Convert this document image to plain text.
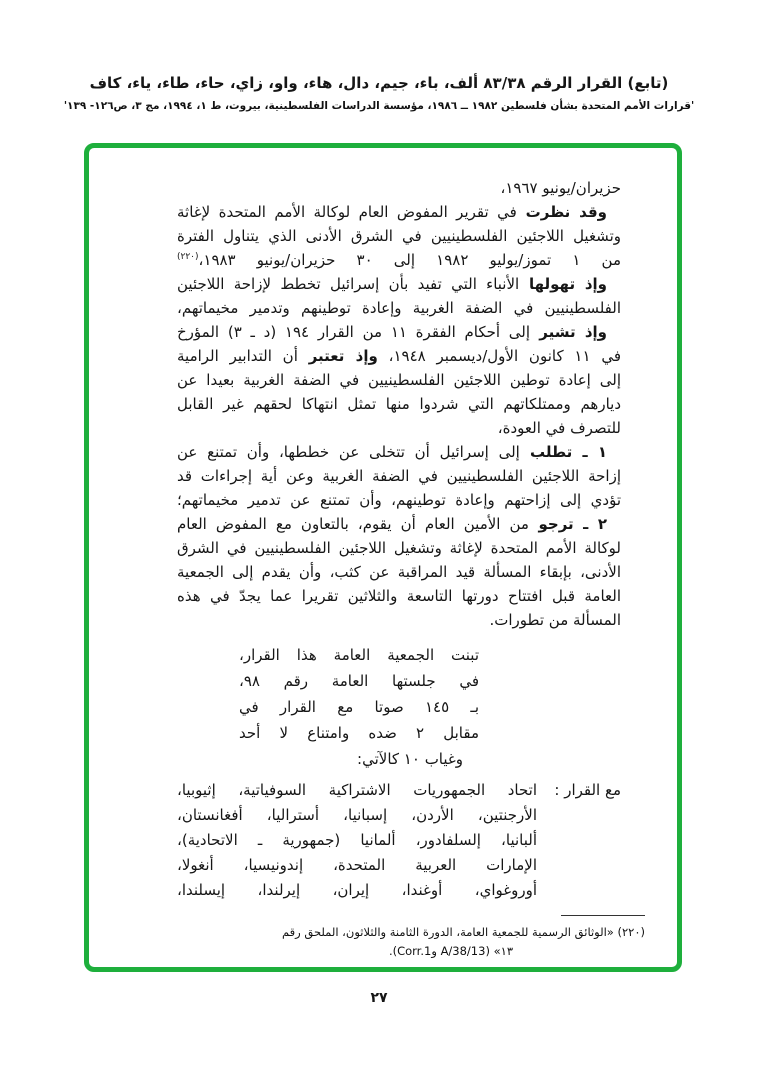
(تابع) القرار الرقم ٨٣/٣٨ ألف، باء، جيم، دال، هاء، واو، زاي، حاء، طاء، ياء، كاف
'قرارات الأمم المتحدة بشأن فلسطين ١٩٨٢ ــ ١٩٨٦، مؤسسة الدراسات الفلسطينية، بيروت، ط ١، ١٩٩٤، مج ٣، ص١٢٦- ١٣٩'
حزيران/يونيو ١٩٦٧،
وقد نظرت في تقرير المفوض العام لوكالة الأمم المتحدة لإغاثة
وتشغيل اللاجئين الفلسطينيين في الشرق الأدنى الذي يتناول الفترة
من ١ تموز/يوليو ١٩٨٢ إلى ٣٠ حزيران/يونيو ١٩٨٣،$^{(٢٢٠)}$
وإذ تهولها الأنباء التي تفيد بأن إسرائيل تخطط لإزاحة اللاجئين
الفلسطينيين في الضفة الغربية وإعادة توطينهم وتدمير مخيماتهم،
وإذ تشير إلى أحكام الفقرة ١١ من القرار ١٩٤ (د ـ ٣) المؤرخ
في ١١ كانون الأول/ديسمبر ١٩٤٨، وإذ تعتبر أن التدابير الرامية
إلى إعادة توطين اللاجئين الفلسطينيين في الضفة الغربية بعيدا عن
ديارهم وممتلكاتهم التي شردوا منها تمثل انتهاكا لحقهم غير القابل
للتصرف في العودة،
١ ـ تطلب إلى إسرائيل أن تتخلى عن خططها، وأن تمتنع عن
إزاحة اللاجئين الفلسطينيين في الضفة الغربية وعن أية إجراءات قد
تؤدي إلى إزاحتهم وإعادة توطينهم، وأن تمتنع عن تدمير مخيماتهم؛
٢ ـ ترجو من الأمين العام أن يقوم، بالتعاون مع المفوض العام
لوكالة الأمم المتحدة لإغاثة وتشغيل اللاجئين الفلسطينيين في الشرق
الأدنى، بإبقاء المسألة قيد المراقبة عن كثب، وأن يقدم إلى الجمعية
العامة قبل افتتاح دورتها التاسعة والثلاثين تقريرا عما يجدّ في هذه
المسألة من تطورات.
تبنت الجمعية العامة هذا القرار،
في جلستها العامة رقم ٩٨،
بـ ١٤٥ صوتا مع القرار في
مقابل ٢ ضده وامتناع لا أحد
وغياب ١٠ كالآتي:
مع القرار :
اتحاد الجمهوريات الاشتراكية السوفياتية، إثيوبيا،
الأرجنتين، الأردن، إسبانيا، أستراليا، أفغانستان،
ألبانيا، إلسلفادور، ألمانيا (جمهورية ـ الاتحادية)،
الإمارات العربية المتحدة، إندونيسيا، أنغولا،
أوروغواي، أوغندا، إيران، إيرلندا، إيسلندا،
(٢٢٠) «الوثائق الرسمية للجمعية العامة، الدورة الثامنة والثلاثون، الملحق رقم
١٣» (A/38/13 وCorr.1).
٢٧
